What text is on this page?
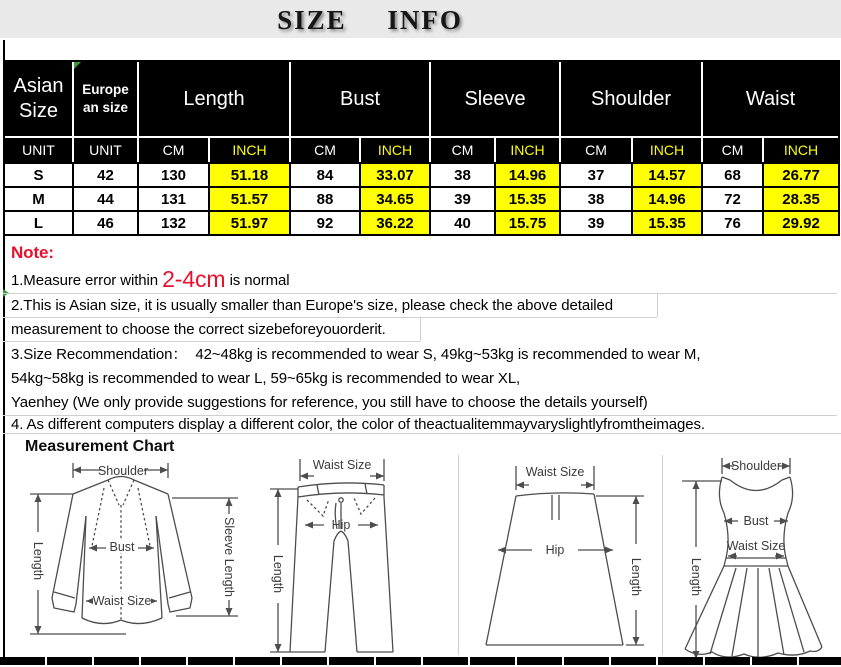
SIZE INFO
Asian Size	Europe an size	Length		Bust		Sleeve		Shoulder		Waist	
UNIT	UNIT	CM	INCH	CM	INCH	CM	INCH	CM	INCH	CM	INCH
S	42	130	51.18	84	33.07	38	14.96	37	14.57	68	26.77
M	44	131	51.57	88	34.65	39	15.35	38	14.96	72	28.35
L	46	132	51.97	92	36.22	40	15.75	39	15.35	76	29.92
Note:
1.Measure error within 2-4cm is normal
2.This is Asian size, it is usually smaller than Europe's size, please check the above detailed
measurement to choose the correct sizebeforeyouorderit.
3.Size Recommendation：  42~48kg is recommended to wear S, 49kg~53kg is recommended to wear M,
54kg~58kg is recommended to wear L, 59~65kg is recommended to wear XL,
Yaenhey (We only provide suggestions for reference, you still have to choose the details yourself)
4. As different computers display a different color, the color of theactualitemmayvaryslightlyfromtheimages.
Measurement Chart
Shoulder
Bust
Waist Size
Length	Sleeve Length
Waist Size
Hip
Length
Waist Size
Hip
Length
Shoulder
Bust
Waist Size
Length
